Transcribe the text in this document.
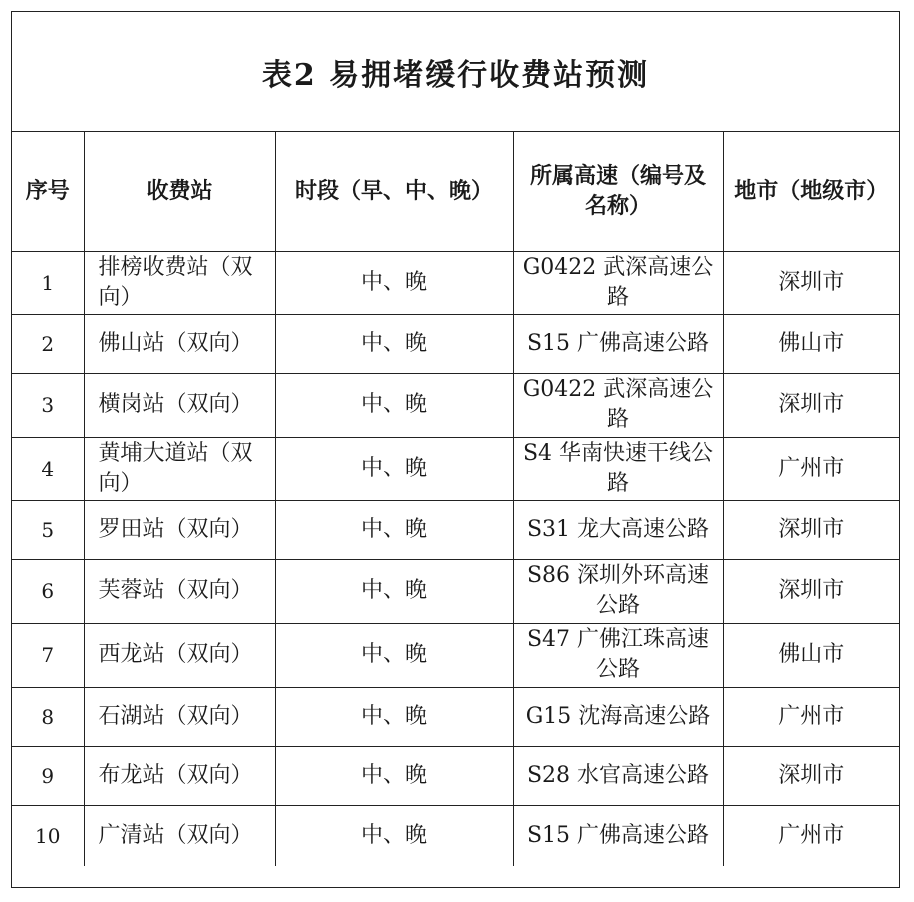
表2 易拥堵缓行收费站预测
序号	收费站	时段（早、中、晚）	所属高速（编号及名称）	地市（地级市）
1	排榜收费站（双向）	中、晚	G0422 武深高速公路	深圳市
2	佛山站（双向）	中、晚	S15 广佛高速公路	佛山市
3	横岗站（双向）	中、晚	G0422 武深高速公路	深圳市
4	黄埔大道站（双向）	中、晚	S4 华南快速干线公路	广州市
5	罗田站（双向）	中、晚	S31 龙大高速公路	深圳市
6	芙蓉站（双向）	中、晚	S86 深圳外环高速公路	深圳市
7	西龙站（双向）	中、晚	S47 广佛江珠高速公路	佛山市
8	石湖站（双向）	中、晚	G15 沈海高速公路	广州市
9	布龙站（双向）	中、晚	S28 水官高速公路	深圳市
10	广清站（双向）	中、晚	S15 广佛高速公路	广州市
